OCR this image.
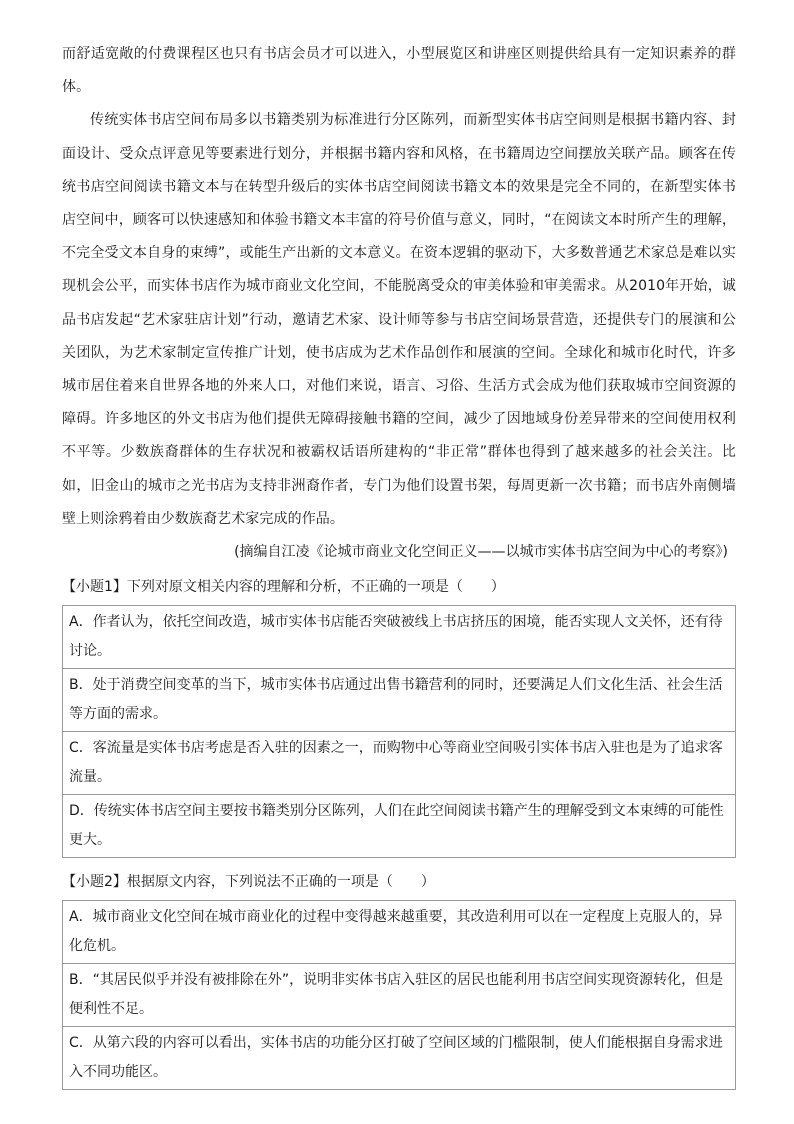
而舒适宽敞的付费课程区也只有书店会员才可以进入，小型展览区和讲座区则提供给具有一定知识素养的群体。

传统实体书店空间布局多以书籍类别为标准进行分区陈列，而新型实体书店空间则是根据书籍内容、封面设计、受众点评意见等要素进行划分，并根据书籍内容和风格，在书籍周边空间摆放关联产品。顾客在传统书店空间阅读书籍文本与在转型升级后的实体书店空间阅读书籍文本的效果是完全不同的，在新型实体书店空间中，顾客可以快速感知和体验书籍文本丰富的符号价值与意义，同时，“在阅读文本时所产生的理解，不完全受文本自身的束缚”，或能生产出新的文本意义。在资本逻辑的驱动下，大多数普通艺术家总是难以实现机会公平，而实体书店作为城市商业文化空间，不能脱离受众的审美体验和审美需求。从2010年开始，诚品书店发起“艺术家驻店计划”行动，邀请艺术家、设计师等参与书店空间场景营造，还提供专门的展演和公关团队，为艺术家制定宣传推广计划，使书店成为艺术作品创作和展演的空间。全球化和城市化时代，许多城市居住着来自世界各地的外来人口，对他们来说，语言、习俗、生活方式会成为他们获取城市空间资源的障碍。许多地区的外文书店为他们提供无障碍接触书籍的空间，减少了因地域身份差异带来的空间使用权利不平等。少数族裔群体的生存状况和被霸权话语所建构的“非正常”群体也得到了越来越多的社会关注。比如，旧金山的城市之光书店为支持非洲裔作者，专门为他们设置书架，每周更新一次书籍；而书店外南侧墙壁上则涂鸦着由少数族裔艺术家完成的作品。

(摘编自江凌《论城市商业文化空间正义——以城市实体书店空间为中心的考察》)

【小题1】下列对原文相关内容的理解和分析，不正确的一项是（　　）

A．作者认为，依托空间改造，城市实体书店能否突破被线上书店挤压的困境，能否实现人文关怀，还有待讨论。
B．处于消费空间变革的当下，城市实体书店通过出售书籍营利的同时，还要满足人们文化生活、社会生活等方面的需求。
C．客流量是实体书店考虑是否入驻的因素之一，而购物中心等商业空间吸引实体书店入驻也是为了追求客流量。
D．传统实体书店空间主要按书籍类别分区陈列，人们在此空间阅读书籍产生的理解受到文本束缚的可能性更大。

【小题2】根据原文内容，下列说法不正确的一项是（　　）

A．城市商业文化空间在城市商业化的过程中变得越来越重要，其改造利用可以在一定程度上克服人的，异化危机。
B．“其居民似乎并没有被排除在外”，说明非实体书店入驻区的居民也能利用书店空间实现资源转化，但是便利性不足。
C．从第六段的内容可以看出，实体书店的功能分区打破了空间区域的门槛限制，使人们能根据自身需求进入不同功能区。
